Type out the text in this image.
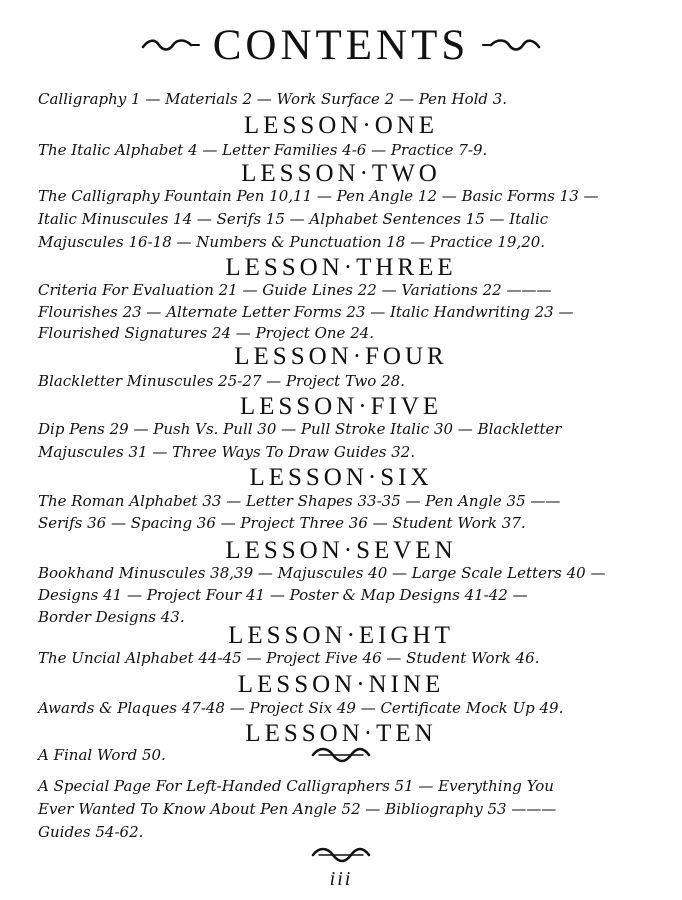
CONTENTS
Calligraphy 1 — Materials 2 — Work Surface 2 — Pen Hold 3.
LESSON·ONE
The Italic Alphabet 4 — Letter Families 4-6 — Practice 7-9.
LESSON·TWO
The Calligraphy Fountain Pen 10,11 — Pen Angle 12 — Basic Forms 13 —
Italic Minuscules 14 — Serifs 15 — Alphabet Sentences 15 — Italic
Majuscules 16-18 — Numbers & Punctuation 18 — Practice 19,20.
LESSON·THREE
Criteria For Evaluation 21 — Guide Lines 22 — Variations 22 ———
Flourishes 23 — Alternate Letter Forms 23 — Italic Handwriting 23 —
Flourished Signatures 24 — Project One 24.
LESSON·FOUR
Blackletter Minuscules 25-27 — Project Two 28.
LESSON·FIVE
Dip Pens 29 — Push Vs. Pull 30 — Pull Stroke Italic 30 — Blackletter
Majuscules 31 — Three Ways To Draw Guides 32.
LESSON·SIX
The Roman Alphabet 33 — Letter Shapes 33-35 — Pen Angle 35 ——
Serifs 36 — Spacing 36 — Project Three 36 — Student Work 37.
LESSON·SEVEN
Bookhand Minuscules 38,39 — Majuscules 40 — Large Scale Letters 40 —
Designs 41 — Project Four 41 — Poster & Map Designs 41-42 —
Border Designs 43.
LESSON·EIGHT
The Uncial Alphabet 44-45 — Project Five 46 — Student Work 46.
LESSON·NINE
Awards & Plaques 47-48 — Project Six 49 — Certificate Mock Up 49.
LESSON·TEN
A Final Word 50.
A Special Page For Left-Handed Calligraphers 51 — Everything You
Ever Wanted To Know About Pen Angle 52 — Bibliography 53 ———
Guides 54-62.
iii
